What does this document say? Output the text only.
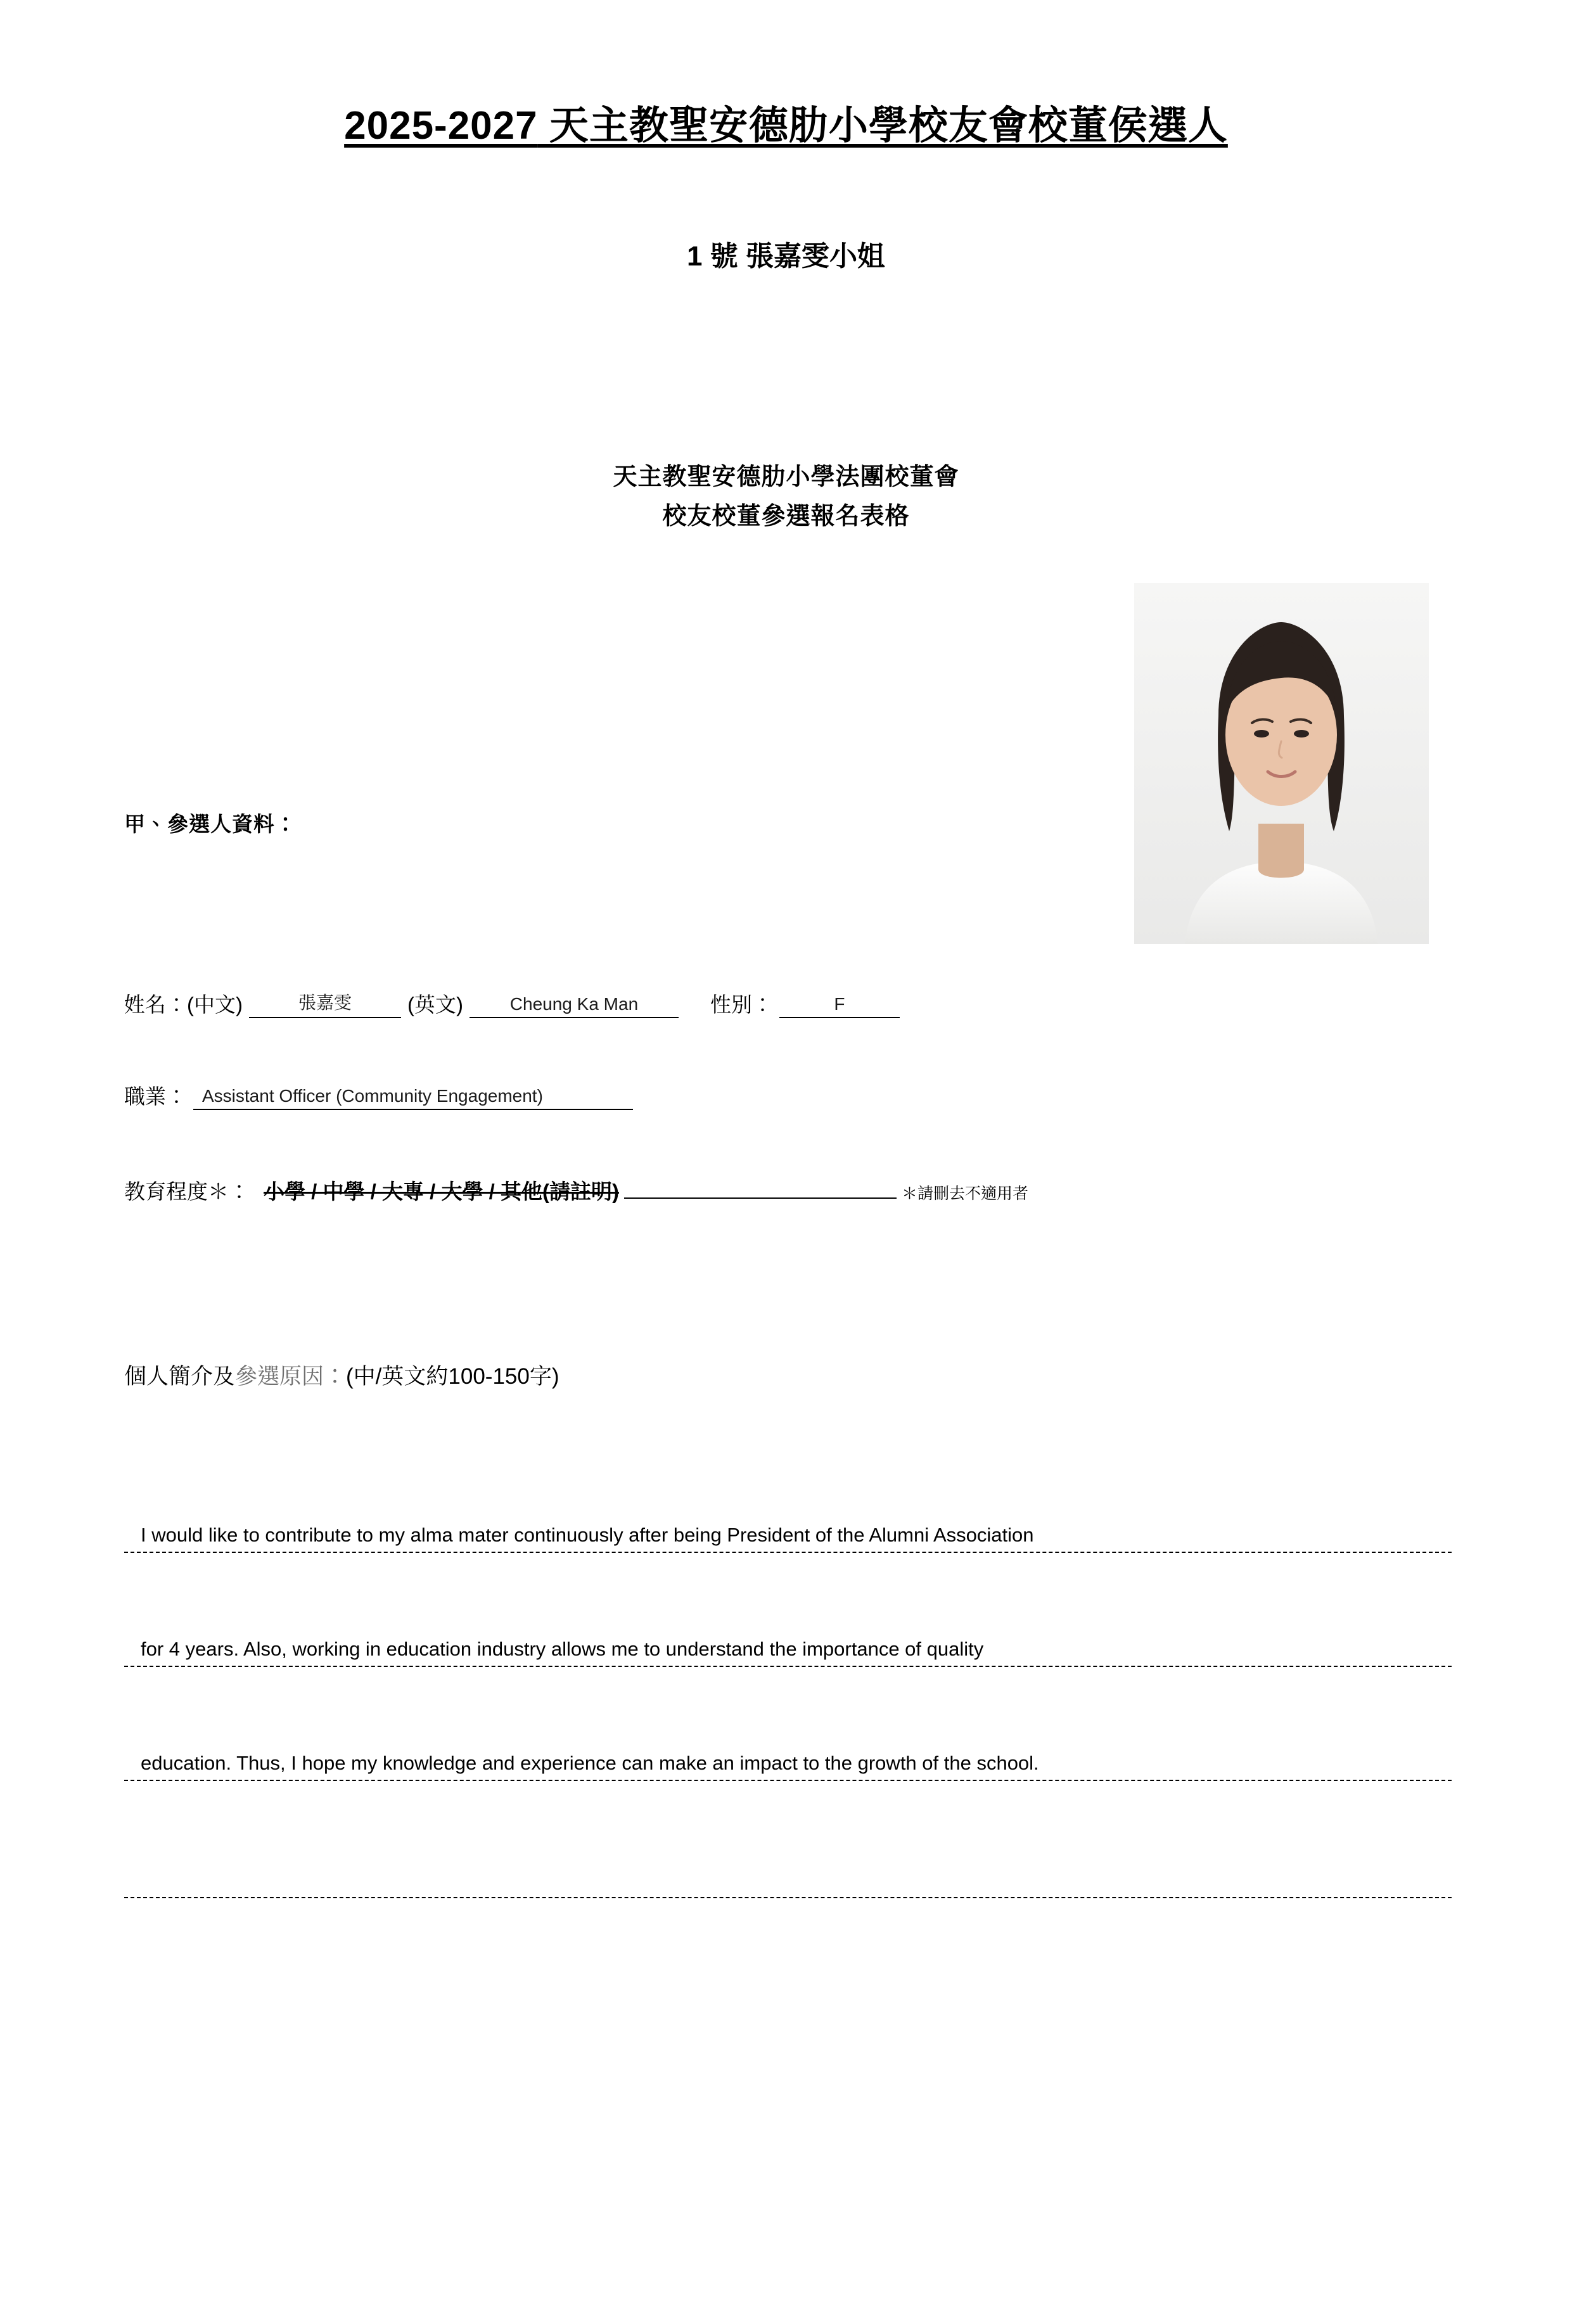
2025-2027 天主教聖安德肋小學校友會校董侯選人
1 號 張嘉雯小姐
天主教聖安德肋小學法團校董會
校友校董參選報名表格
甲、參選人資料：
姓名： (中文)	張嘉雯	(英文)	Cheung Ka Man	性別：	F
職業： Assistant Officer (Community Engagement)
教育程度＊： 小學 / 中學 / 大專 / 大學 / 其他(請註明)	＊請刪去不適用者
個人簡介及參選原因：(中/英文約100-150字)
I would like to contribute to my alma mater continuously after being President of the Alumni Association
for 4 years. Also, working in education industry allows me to understand the importance of quality
education. Thus, I hope my knowledge and experience can make an impact to the growth of the school.
